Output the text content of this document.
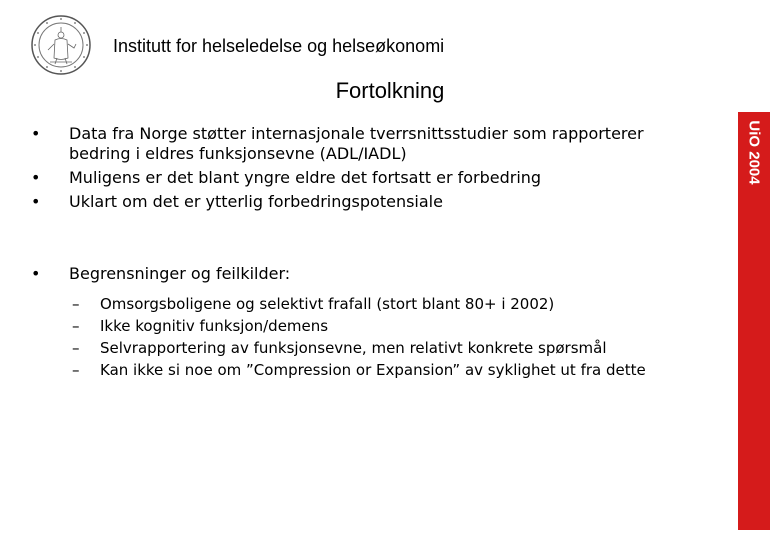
Institutt for helseledelse og helseøkonomi
Fortolkning
UiO 2004
•	Data fra Norge støtter internasjonale tverrsnittsstudier som rapporterer
bedring i eldres funksjonsevne (ADL/IADL)
•	Muligens er det blant yngre eldre det fortsatt er forbedring
•	Uklart om det er ytterlig forbedringspotensiale
•	Begrensninger og feilkilder:
–	Omsorgsboligene og selektivt frafall (stort blant 80+ i 2002)
–	Ikke kognitiv funksjon/demens
–	Selvrapportering av funksjonsevne, men relativt konkrete spørsmål
–	Kan ikke si noe om ”Compression or Expansion” av syklighet ut fra dette
